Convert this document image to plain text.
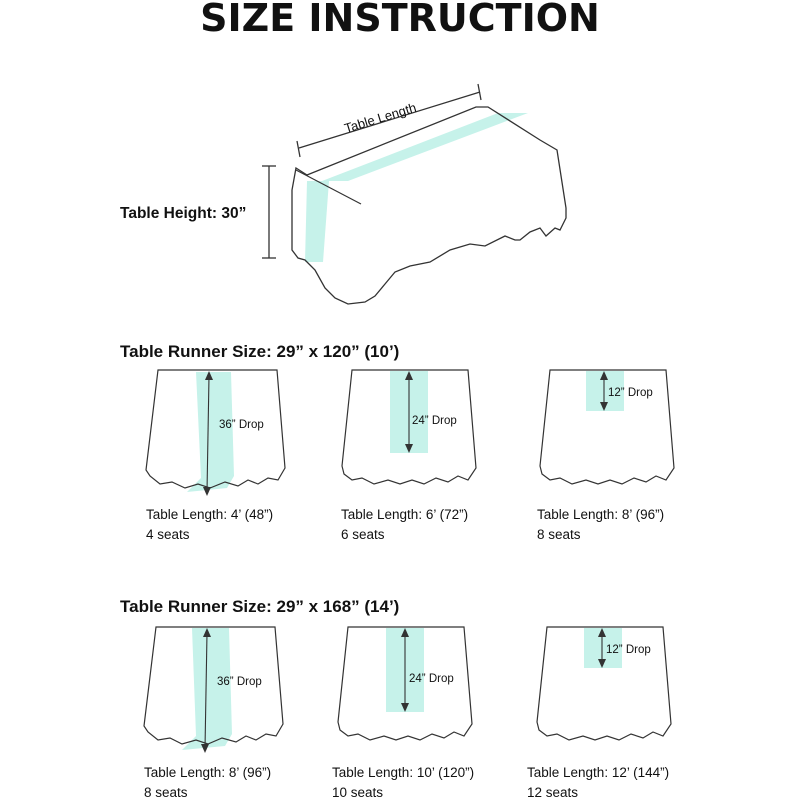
SIZE INSTRUCTION
Table Length
Table Height: 30”
Table Runner Size: 29” x 120” (10’)
Table Runner Size: 29” x 168” (14’)
36” Drop	24” Drop
12” Drop
36” Drop	24” Drop
12” Drop
Table Length: 4’ (48”)
4 seats
Table Length: 6’ (72”)
6 seats
Table Length: 8’ (96”)
8 seats
Table Length: 8’ (96”)
8 seats
Table Length: 10’ (120”)
10 seats
Table Length: 12’ (144”)
12 seats
